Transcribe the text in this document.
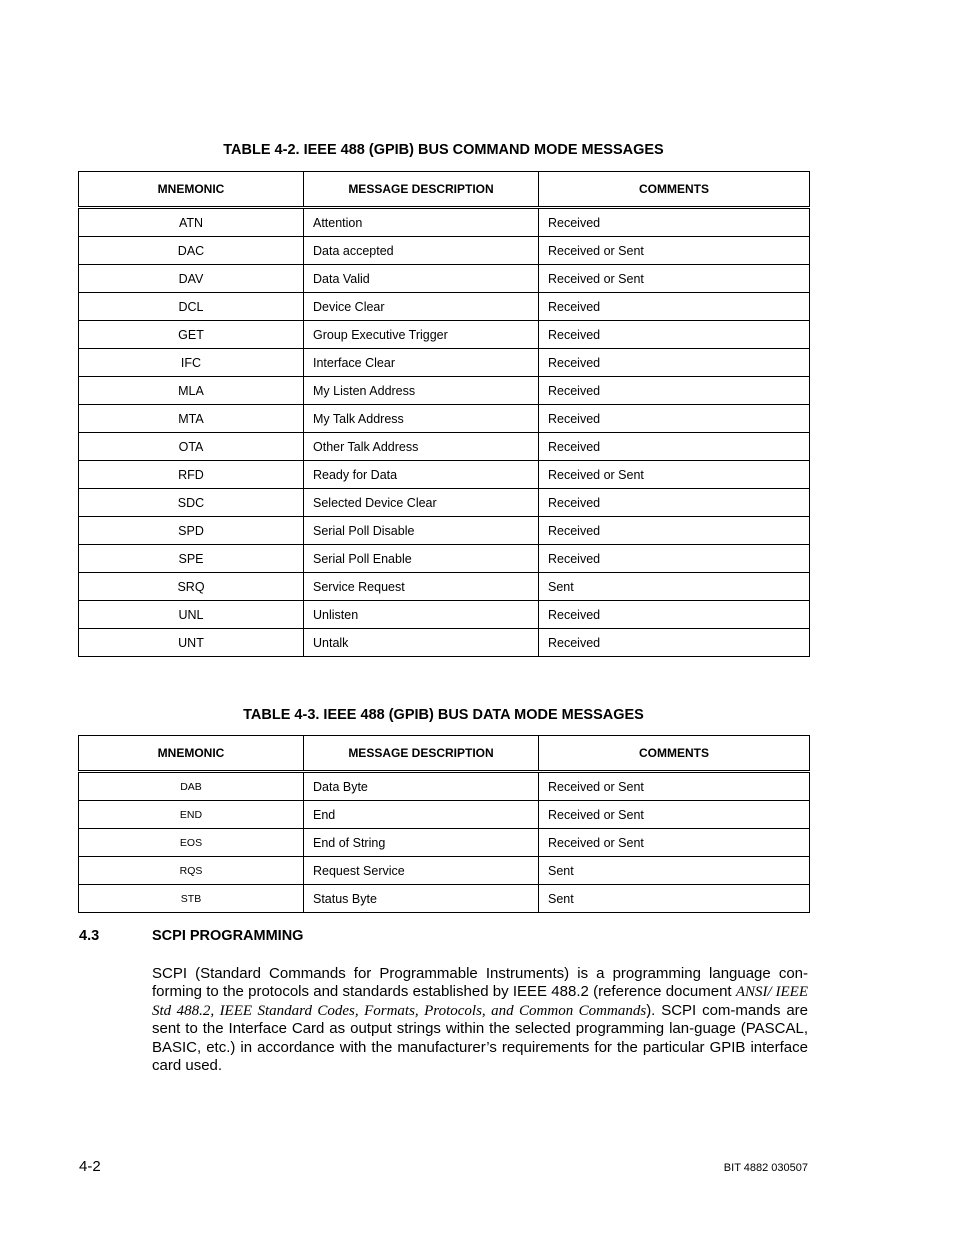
TABLE 4-2. IEEE 488 (GPIB) BUS COMMAND MODE MESSAGES
MNEMONIC	MESSAGE DESCRIPTION	COMMENTS
ATN	Attention	Received
DAC	Data accepted	Received or Sent
DAV	Data Valid	Received or Sent
DCL	Device Clear	Received
GET	Group Executive Trigger	Received
IFC	Interface Clear	Received
MLA	My Listen Address	Received
MTA	My Talk Address	Received
OTA	Other Talk Address	Received
RFD	Ready for Data	Received or Sent
SDC	Selected Device Clear	Received
SPD	Serial Poll Disable	Received
SPE	Serial Poll Enable	Received
SRQ	Service Request	Sent
UNL	Unlisten	Received
UNT	Untalk	Received
TABLE 4-3. IEEE 488 (GPIB) BUS DATA MODE MESSAGES
MNEMONIC	MESSAGE DESCRIPTION	COMMENTS
DAB	Data Byte	Received or Sent
END	End	Received or Sent
EOS	End of String	Received or Sent
RQS	Request Service	Sent
STB	Status Byte	Sent
4.3	SCPI PROGRAMMING
SCPI (Standard Commands for Programmable Instruments) is a programming language con-forming to the protocols and standards established by IEEE 488.2 (reference document ANSI/ IEEE Std 488.2, IEEE Standard Codes, Formats, Protocols, and Common Commands). SCPI com-mands are sent to the Interface Card as output strings within the selected programming lan-guage (PASCAL, BASIC, etc.) in accordance with the manufacturer’s requirements for the particular GPIB interface card used.
4-2	BIT 4882 030507
